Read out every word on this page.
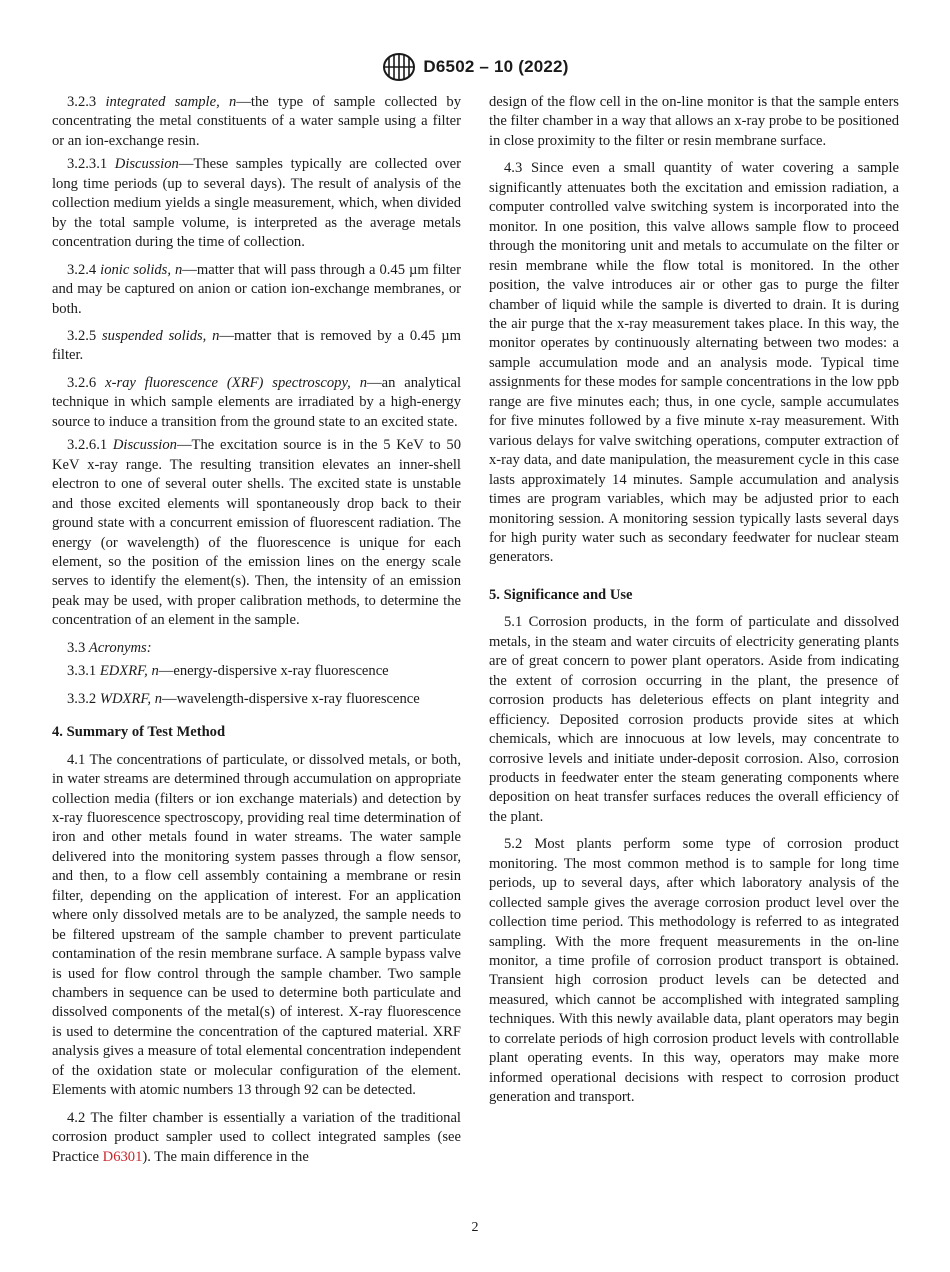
D6502 – 10 (2022)

3.2.3 integrated sample, n—the type of sample collected by concentrating the metal constituents of a water sample using a filter or an ion-exchange resin.

3.2.3.1 Discussion—These samples typically are collected over long time periods (up to several days). The result of analysis of the collection medium yields a single measurement, which, when divided by the total sample volume, is interpreted as the average metals concentration during the time of collection.

3.2.4 ionic solids, n—matter that will pass through a 0.45 µm filter and may be captured on anion or cation ion-exchange membranes, or both.

3.2.5 suspended solids, n—matter that is removed by a 0.45 µm filter.

3.2.6 x-ray fluorescence (XRF) spectroscopy, n—an analytical technique in which sample elements are irradiated by a high-energy source to induce a transition from the ground state to an excited state.

3.2.6.1 Discussion—The excitation source is in the 5 KeV to 50 KeV x-ray range. The resulting transition elevates an inner-shell electron to one of several outer shells. The excited state is unstable and those excited elements will spontaneously drop back to their ground state with a concurrent emission of fluorescent radiation. The energy (or wavelength) of the fluorescence is unique for each element, so the position of the emission lines on the energy scale serves to identify the element(s). Then, the intensity of an emission peak may be used, with proper calibration methods, to determine the concentration of an element in the sample.

3.3 Acronyms:

3.3.1 EDXRF, n—energy-dispersive x-ray fluorescence

3.3.2 WDXRF, n—wavelength-dispersive x-ray fluorescence

4. Summary of Test Method

4.1 The concentrations of particulate, or dissolved metals, or both, in water streams are determined through accumulation on appropriate collection media (filters or ion exchange materials) and detection by x-ray fluorescence spectroscopy, providing real time determination of iron and other metals found in water streams. The water sample delivered into the monitoring system passes through a flow sensor, and then, to a flow cell assembly containing a membrane or resin filter, depending on the application of interest. For an application where only dissolved metals are to be analyzed, the sample needs to be filtered upstream of the sample chamber to prevent particulate contamination of the resin membrane surface. A sample bypass valve is used for flow control through the sample chamber. Two sample chambers in sequence can be used to determine both particulate and dissolved components of the metal(s) of interest. X-ray fluorescence is used to determine the concentration of the captured material. XRF analysis gives a measure of total elemental concentration independent of the oxidation state or molecular configuration of the element. Elements with atomic numbers 13 through 92 can be detected.

4.2 The filter chamber is essentially a variation of the traditional corrosion product sampler used to collect integrated samples (see Practice D6301). The main difference in the

design of the flow cell in the on-line monitor is that the sample enters the filter chamber in a way that allows an x-ray probe to be positioned in close proximity to the filter or resin membrane surface.

4.3 Since even a small quantity of water covering a sample significantly attenuates both the excitation and emission radiation, a computer controlled valve switching system is incorporated into the monitor. In one position, this valve allows sample flow to proceed through the monitoring unit and metals to accumulate on the filter or resin membrane while the flow total is monitored. In the other position, the valve introduces air or other gas to purge the filter chamber of liquid while the sample is diverted to drain. It is during the air purge that the x-ray measurement takes place. In this way, the monitor operates by continuously alternating between two modes: a sample accumulation mode and an analysis mode. Typical time assignments for these modes for sample concentrations in the low ppb range are five minutes each; thus, in one cycle, sample accumulates for five minutes followed by a five minute x-ray measurement. With various delays for valve switching operations, computer extraction of x-ray data, and date manipulation, the measurement cycle in this case lasts approximately 14 minutes. Sample accumulation and analysis times are program variables, which may be adjusted prior to each monitoring session. A monitoring session typically lasts several days for high purity water such as secondary feedwater for nuclear steam generators.

5. Significance and Use

5.1 Corrosion products, in the form of particulate and dissolved metals, in the steam and water circuits of electricity generating plants are of great concern to power plant operators. Aside from indicating the extent of corrosion occurring in the plant, the presence of corrosion products has deleterious effects on plant integrity and efficiency. Deposited corrosion products provide sites at which chemicals, which are innocuous at low levels, may concentrate to corrosive levels and initiate under-deposit corrosion. Also, corrosion products in feedwater enter the steam generating components where deposition on heat transfer surfaces reduces the overall efficiency of the plant.

5.2 Most plants perform some type of corrosion product monitoring. The most common method is to sample for long time periods, up to several days, after which laboratory analysis of the collected sample gives the average corrosion product level over the collection time period. This methodology is referred to as integrated sampling. With the more frequent measurements in the on-line monitor, a time profile of corrosion product transport is obtained. Transient high corrosion product levels can be detected and measured, which cannot be accomplished with integrated sampling techniques. With this newly available data, plant operators may begin to correlate periods of high corrosion product levels with controllable plant operating events. In this way, operators may make more informed operational decisions with respect to corrosion product generation and transport.

2
